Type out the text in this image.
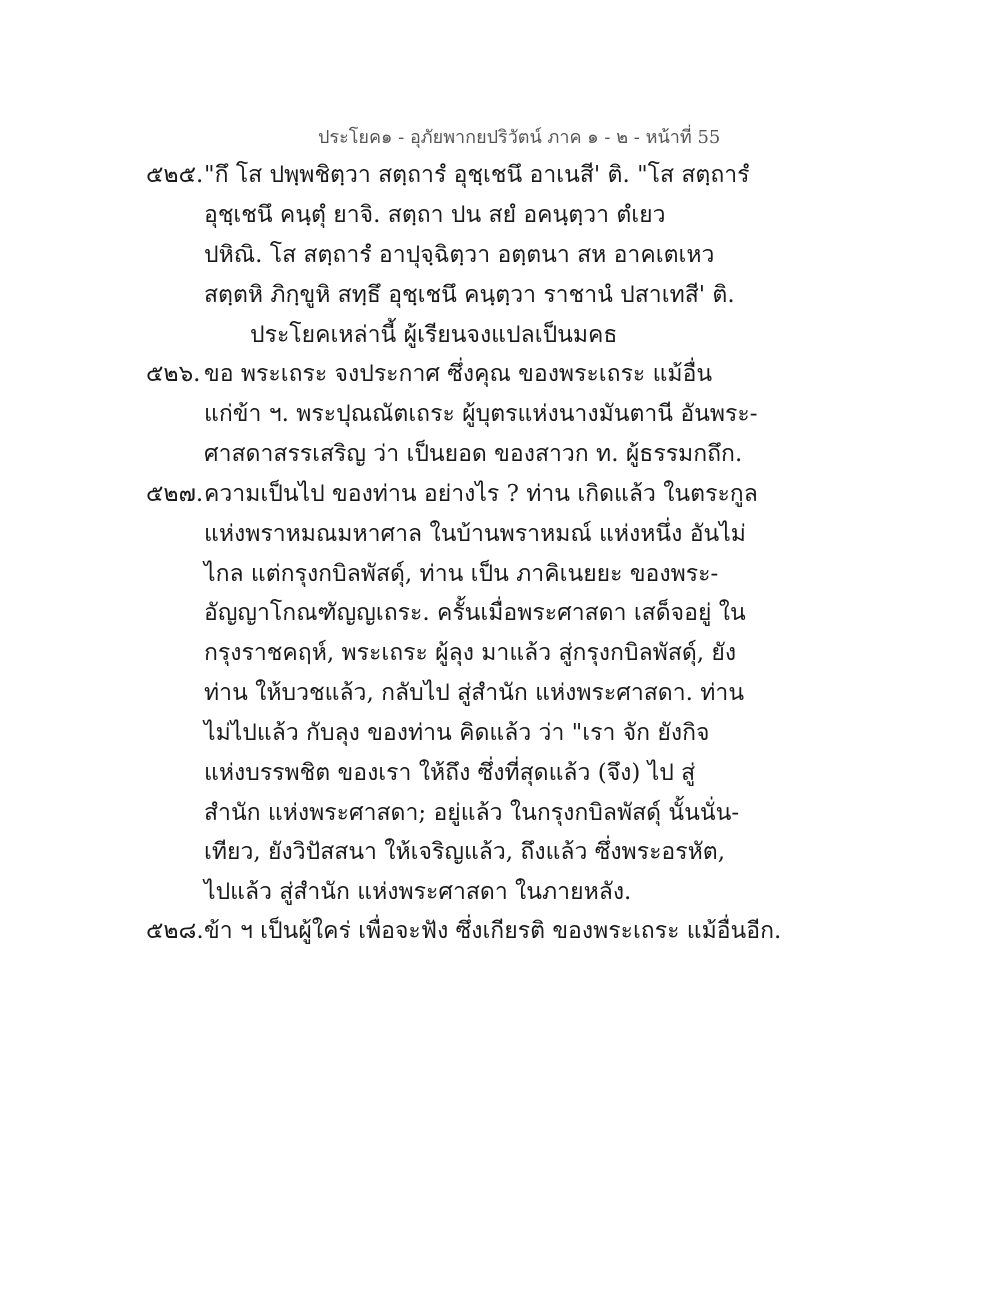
ประโยค๑ - อุภัยพากยปริวัตน์ ภาค ๑ - ๒ - หน้าที่ 55
๕๒๕. "กึ โส ปพฺพชิตฺวา สตฺถารํ อุชฺเชนึ อาเนสี' ติ. "โส สตฺถารํ
อุชฺเชนึ คนฺตุํ ยาจิ. สตฺถา ปน สยํ อคนฺตฺวา ตํเยว
ปหิณิ. โส สตฺถารํ อาปุจฺฉิตฺวา อตฺตนา สห อาคเตเหว
สตฺตหิ ภิกฺขูหิ สทฺธึ อุชฺเชนึ คนฺตฺวา ราชานํ ปสาเทสี' ติ.
ประโยคเหล่านี้ ผู้เรียนจงแปลเป็นมคธ
๕๒๖. ขอ พระเถระ จงประกาศ ซึ่งคุณ ของพระเถระ แม้อื่น
แก่ข้า ฯ. พระปุณณัตเถระ ผู้บุตรแห่งนางมันตานี อันพระ-
ศาสดาสรรเสริญ ว่า เป็นยอด ของสาวก ท. ผู้ธรรมกถึก.
๕๒๗. ความเป็นไป ของท่าน อย่างไร ? ท่าน เกิดแล้ว ในตระกูล
แห่งพราหมณมหาศาล ในบ้านพราหมณ์ แห่งหนึ่ง อันไม่
ไกล แต่กรุงกบิลพัสดุ์, ท่าน เป็น ภาคิเนยยะ ของพระ-
อัญญาโกณฑัญญเถระ. ครั้นเมื่อพระศาสดา เสด็จอยู่ ใน
กรุงราชคฤห์, พระเถระ ผู้ลุง มาแล้ว สู่กรุงกบิลพัสดุ์, ยัง
ท่าน ให้บวชแล้ว, กลับไป สู่สำนัก แห่งพระศาสดา. ท่าน
ไม่ไปแล้ว กับลุง ของท่าน คิดแล้ว ว่า "เรา จัก ยังกิจ
แห่งบรรพชิต ของเรา ให้ถึง ซึ่งที่สุดแล้ว (จึง) ไป สู่
สำนัก แห่งพระศาสดา; อยู่แล้ว ในกรุงกบิลพัสดุ์ นั้นนั่น-
เทียว, ยังวิปัสสนา ให้เจริญแล้ว, ถึงแล้ว ซึ่งพระอรหัต,
ไปแล้ว สู่สำนัก แห่งพระศาสดา ในภายหลัง.
๕๒๘. ข้า ฯ เป็นผู้ใคร่ เพื่อจะฟัง ซึ่งเกียรติ ของพระเถระ แม้อื่นอีก.
